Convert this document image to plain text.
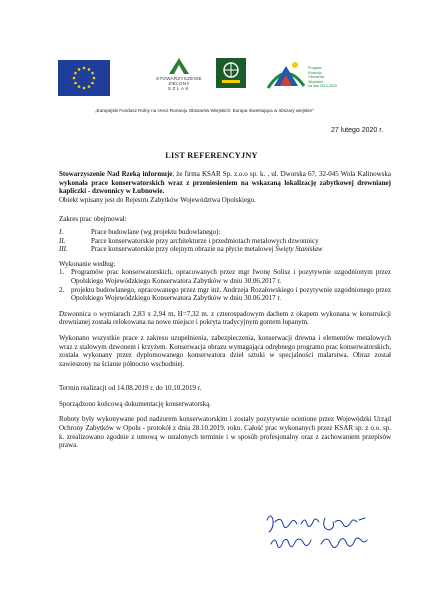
STOWARZYSZENIE
ZIELONY
SZLAK
Program
Rozwoju
Obszarów
Wiejskich
na lata 2014-2020
„Europejski Fundusz Rolny na rzecz Rozwoju Obszarów Wiejskich: Europa inwestująca w obszary wiejskie"
27 lutego 2020 r.
LIST REFERENCYJNY

Stowarzyszenie Nad Rzeką informuje, że firma KSAR Sp. z.o.o sp. k. , ul. Dworska 67, 32-045 Wola Kalinowska wykonała prace konserwatorskich wraz z przeniesieniem na wskazaną lokalizację zabytkowej drewnianej kapliczki - dzwonnicy w Łubnowie.
Obiekt wpisany jest do Rejestru Zabytków Województwa Opolskiego.

Zakres prac obejmował:

I.	Prace budowlane (wg projektu budowlanego):
II.	Parce konserwatorskie przy architekturze i przedmiotach metalowych dzwonnicy
III.	Prace konserwatorskie przy olejnym obrazie na płycie metalowej Święty Stanisław

Wykonanie według:

1. Programów prac konserwatorskich, opracowanych przez mgr Iwonę Solisz i pozytywnie uzgodnionym przez Opolskiego Wojewódzkiego Konserwatora Zabytków w dniu 30.06.2017 r.
2. projektu budowlanego, opracowanego przez mgr inż. Andrzeja Rozałowskiego i pozytywnie uzgodnionego przez Opolskiego Wojewódzkiego Konserwatora Zabytków w dniu 30.06.2017 r.

Dzwonnica o wymiarach 2,83 x 2,94 m, H=7,32 m. z czterospadowym dachem z okapem wykonana w konstrukcji drewnianej została relokowana na nowe miejsce i pokryta tradycyjnym gontem łupanym.

Wykonano wszystkie prace z zakresu uzupełnienia, zabezpieczenia, konserwacji drewna i elementów metalowych wraz z stalowym dzwonem i krzyżem. Konserwacja obrazu wymagająca odrębnego programu prac konserwatorskich, została wykonany przez dyplomowanego konserwatora dzieł sztuki w specjalności malarstwa. Obraz został zawieszony na ścianie północno wschodniej.

Termin realizacji od 14.08.2019 r. do 10.10.2019 r.

Sporządzono końcową dokumentację konserwatorską.

Roboty były wykonywane pod nadzorem konserwatorskim i zostały pozytywnie ocenione przez Wojewódzki Urząd Ochrony Zabytków w Opolu - protokół z dnia 28.10.2019. roku. Całość prac wykonanych przez KSAR sp. z o.o. sp. k. zrealizowano zgodnie z umową w ustalonych terminie i w sposób profesjonalny oraz z zachowaniem przepisów prawa.
